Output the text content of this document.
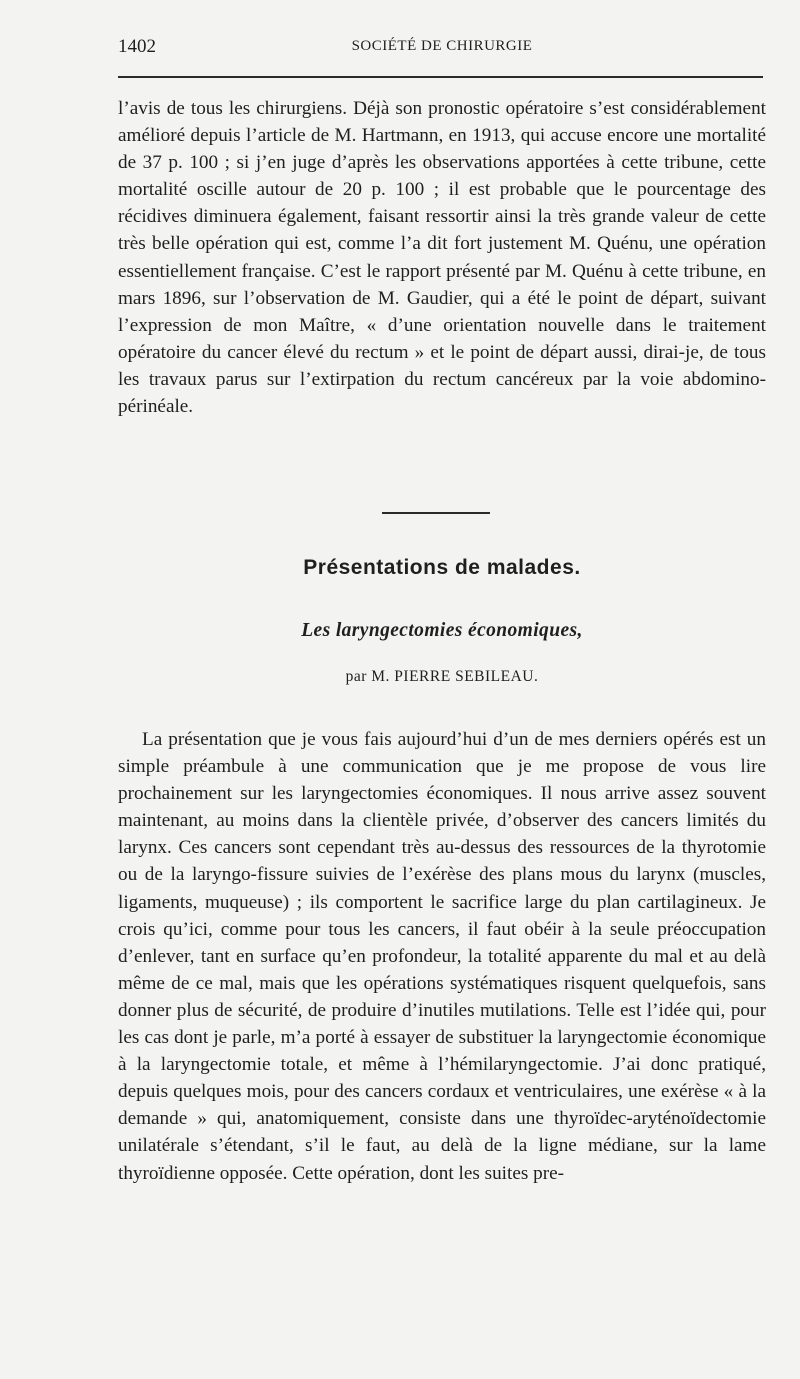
1402	SOCIÉTÉ DE CHIRURGIE

l’avis de tous les chirurgiens. Déjà son pronostic opératoire s’est considérablement amélioré depuis l’article de M. Hartmann, en 1913, qui accuse encore une mortalité de 37 p. 100 ; si j’en juge d’après les observations apportées à cette tribune, cette mortalité oscille autour de 20 p. 100 ; il est probable que le pourcentage des récidives diminuera également, faisant ressortir ainsi la très grande valeur de cette très belle opération qui est, comme l’a dit fort justement M. Quénu, une opération essentiellement française. C’est le rapport présenté par M. Quénu à cette tribune, en mars 1896, sur l’observation de M. Gaudier, qui a été le point de départ, suivant l’expression de mon Maître, « d’une orientation nouvelle dans le traitement opératoire du cancer élevé du rectum » et le point de départ aussi, dirai-je, de tous les travaux parus sur l’extirpation du rectum cancéreux par la voie abdomino-périnéale.

Présentations de malades.
Les laryngectomies économiques,

par M. PIERRE SEBILEAU.

La présentation que je vous fais aujourd’hui d’un de mes derniers opérés est un simple préambule à une communication que je me propose de vous lire prochainement sur les laryngectomies économiques. Il nous arrive assez souvent maintenant, au moins dans la clientèle privée, d’observer des cancers limités du larynx. Ces cancers sont cependant très au-dessus des ressources de la thyrotomie ou de la laryngo-fissure suivies de l’exérèse des plans mous du larynx (muscles, ligaments, muqueuse) ; ils comportent le sacrifice large du plan cartilagineux. Je crois qu’ici, comme pour tous les cancers, il faut obéir à la seule préoccupation d’enlever, tant en surface qu’en profondeur, la totalité apparente du mal et au delà même de ce mal, mais que les opérations systématiques risquent quelquefois, sans donner plus de sécurité, de produire d’inutiles mutilations. Telle est l’idée qui, pour les cas dont je parle, m’a porté à essayer de substituer la laryngectomie économique à la laryngectomie totale, et même à l’hémilaryngectomie. J’ai donc pratiqué, depuis quelques mois, pour des cancers cordaux et ventriculaires, une exérèse « à la demande » qui, anatomiquement, consiste dans une thyroïdec-aryténoïdectomie unilatérale s’étendant, s’il le faut, au delà de la ligne médiane, sur la lame thyroïdienne opposée. Cette opération, dont les suites pre-
